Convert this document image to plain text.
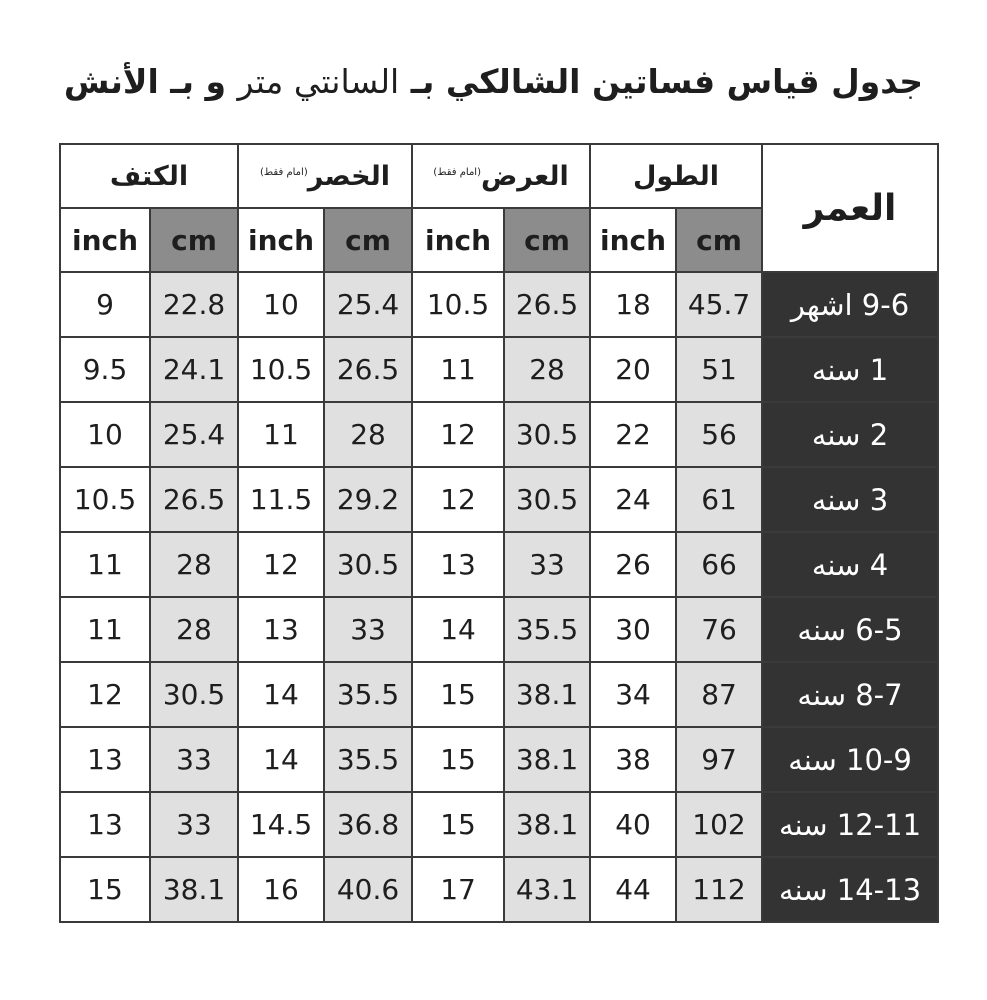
جدول قياس فساتين الشالكي بـ السانتي متر و بـ الأنش
الكتف		الخصر$^{(امام فقط)}$		العرض$^{(امام فقط)}$		الطول		العمر
inch	cm	inch	cm	inch	cm	inch	cm	
9	22.8	10	25.4	10.5	26.5	18	45.7	9-6 اشهر
9.5	24.1	10.5	26.5	11	28	20	51	1 سنه
10	25.4	11	28	12	30.5	22	56	2 سنه
10.5	26.5	11.5	29.2	12	30.5	24	61	3 سنه
11	28	12	30.5	13	33	26	66	4 سنه
11	28	13	33	14	35.5	30	76	6-5 سنه
12	30.5	14	35.5	15	38.1	34	87	8-7 سنه
13	33	14	35.5	15	38.1	38	97	10-9 سنه
13	33	14.5	36.8	15	38.1	40	102	12-11 سنه
15	38.1	16	40.6	17	43.1	44	112	14-13 سنه
